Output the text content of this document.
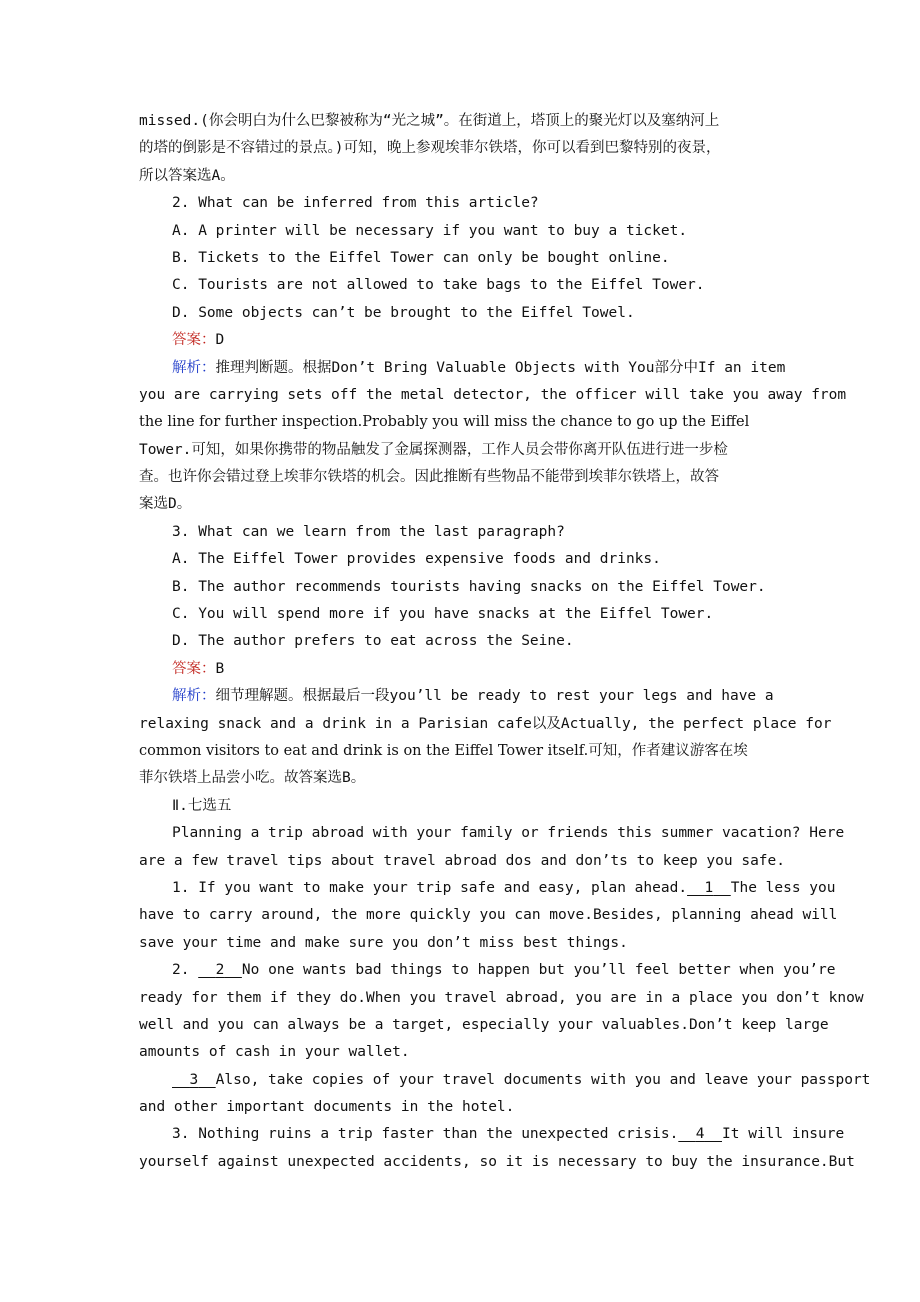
missed.(你会明白为什么巴黎被称为“光之城”。在街道上，塔顶上的聚光灯以及塞纳河上
的塔的倒影是不容错过的景点。)可知，晚上参观埃菲尔铁塔，你可以看到巴黎特别的夜景，
所以答案选A。
2. What can be inferred from this article?
A. A printer will be necessary if you want to buy a ticket.
B. Tickets to the Eiffel Tower can only be bought online.
C. Tourists are not allowed to take bags to the Eiffel Tower.
D. Some objects can’t be brought to the Eiffel Towel.
答案：D
解析：推理判断题。根据Don’t Bring Valuable Objects with You部分中If an item
you are carrying sets off the metal detector, the officer will take you away from
the line for further inspection.Probably you will miss the chance to go up the Eiffel
Tower.可知，如果你携带的物品触发了金属探测器，工作人员会带你离开队伍进行进一步检
查。也许你会错过登上埃菲尔铁塔的机会。因此推断有些物品不能带到埃菲尔铁塔上，故答
案选D。
3. What can we learn from the last paragraph?
A. The Eiffel Tower provides expensive foods and drinks.
B. The author recommends tourists having snacks on the Eiffel Tower.
C. You will spend more if you have snacks at the Eiffel Tower.
D. The author prefers to eat across the Seine.
答案：B
解析：细节理解题。根据最后一段you’ll be ready to rest your legs and have a
relaxing snack and a drink in a Parisian cafe以及Actually, the perfect place for
common visitors to eat and drink is on the Eiffel Tower itself.可知，作者建议游客在埃
菲尔铁塔上品尝小吃。故答案选B。
Ⅱ.七选五
Planning a trip abroad with your family or friends this summer vacation? Here
are a few travel tips about travel abroad dos and don’ts to keep you safe.
1. If you want to make your trip safe and easy, plan ahead. 1 The less you
have to carry around, the more quickly you can move.Besides, planning ahead will
save your time and make sure you don’t miss best things.
2.   2 No one wants bad things to happen but you’ll feel better when you’re
ready for them if they do.When you travel abroad, you are in a place you don’t know
well and you can always be a target, especially your valuables.Don’t keep large
amounts of cash in your wallet.
3 Also, take copies of your travel documents with you and leave your passport
and other important documents in the hotel.
3. Nothing ruins a trip faster than the unexpected crisis. 4 It will insure
yourself against unexpected accidents, so it is necessary to buy the insurance.But
